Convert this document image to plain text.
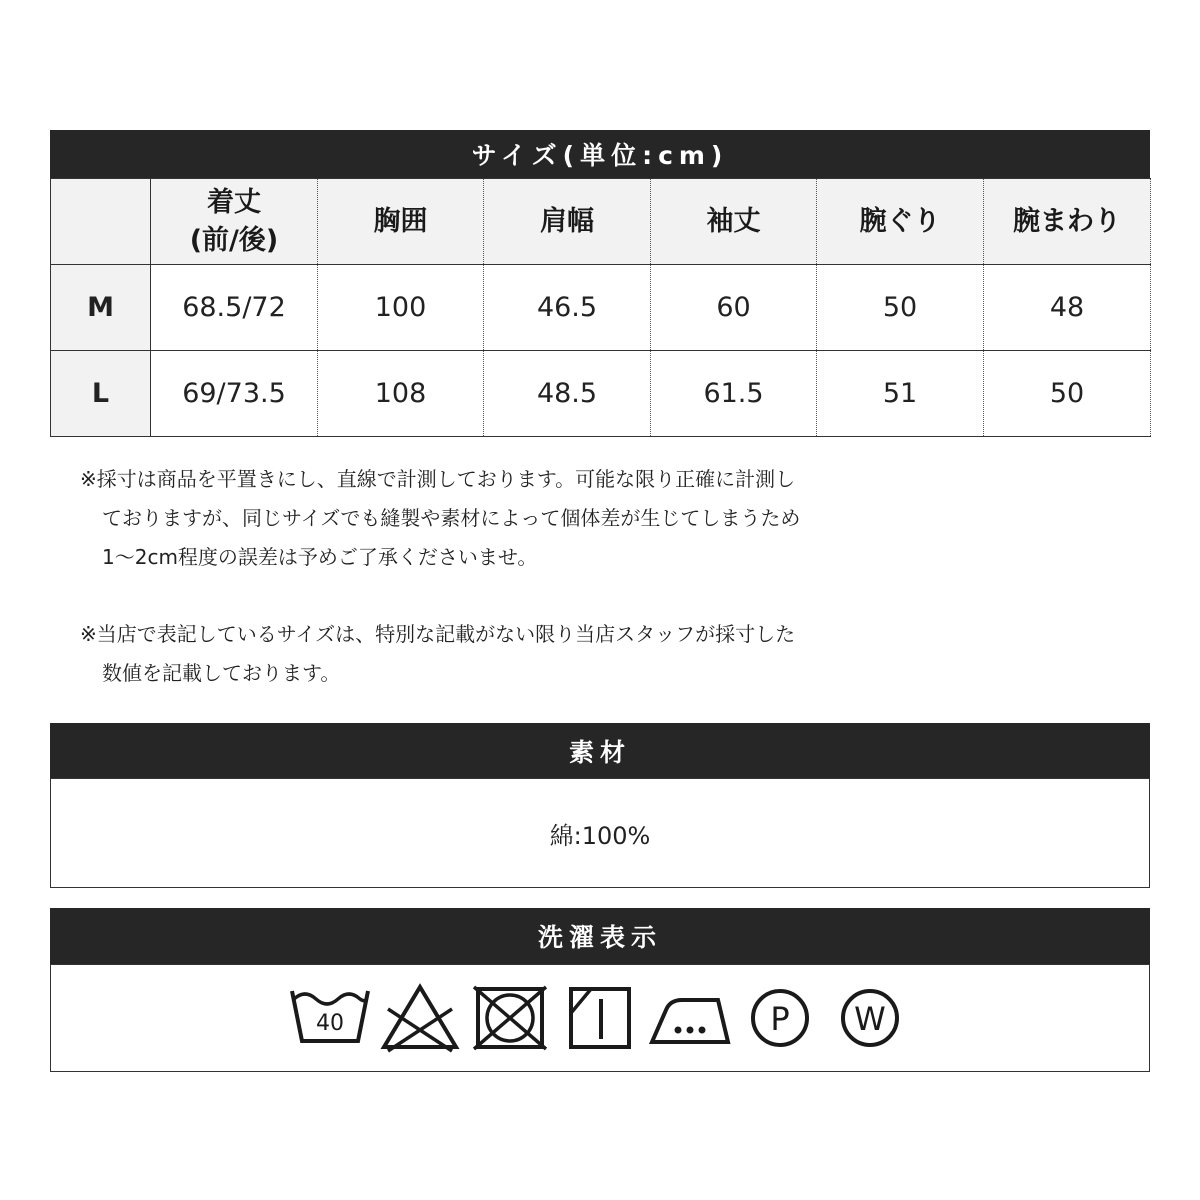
サイズ(単位:cm)

	着丈
(前/後)	胸囲	肩幅	袖丈	腕ぐり	腕まわり

M	68.5/72	100	46.5	60	50	48
L	69/73.5	108	48.5	61.5	51	50
※採寸は商品を平置きにし、直線で計測しております。可能な限り正確に計測し
ておりますが、同じサイズでも縫製や素材によって個体差が生じてしまうため
1〜2cm程度の誤差は予めご了承くださいませ。
※当店で表記しているサイズは、特別な記載がない限り当店スタッフが採寸した
数値を記載しております。
素材
綿:100%
洗濯表示
40	P W
